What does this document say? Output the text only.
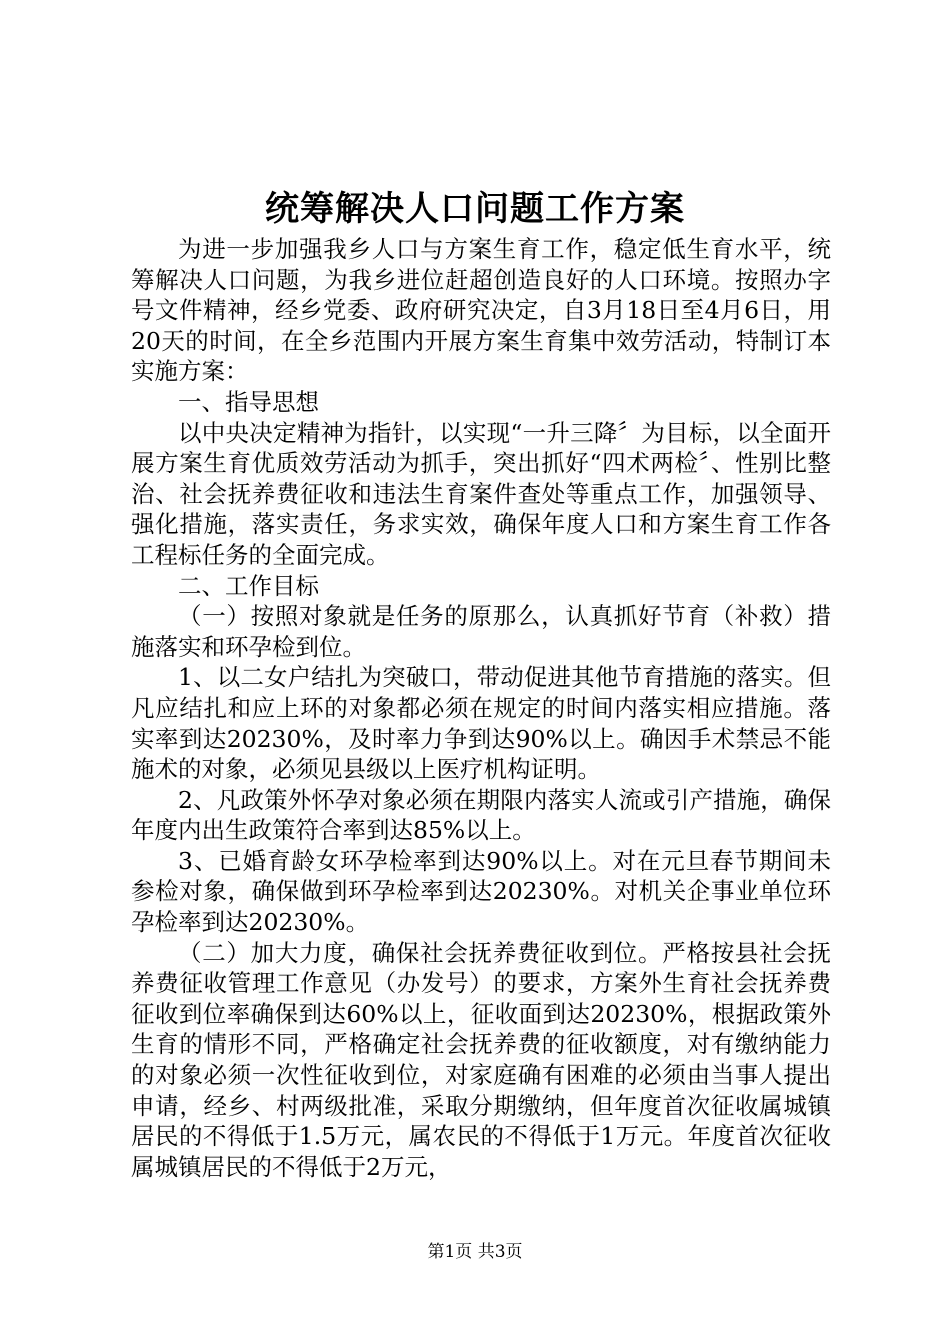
统筹解决人口问题工作方案

为进一步加强我乡人口与方案生育工作，稳定低生育水平，统筹解决人口问题，为我乡进位赶超创造良好的人口环境。按照办字号文件精神，经乡党委、政府研究决定，自3月18日至4月6日，用20天的时间，在全乡范围内开展方案生育集中效劳活动，特制订本实施方案：

一、指导思想

以中央决定精神为指针，以实现“一升三降〞为目标，以全面开展方案生育优质效劳活动为抓手，突出抓好“四术两检〞、性别比整治、社会抚养费征收和违法生育案件查处等重点工作，加强领导、强化措施，落实责任，务求实效，确保年度人口和方案生育工作各工程标任务的全面完成。

二、工作目标

（一）按照对象就是任务的原那么，认真抓好节育（补救）措施落实和环孕检到位。

1、以二女户结扎为突破口，带动促进其他节育措施的落实。但凡应结扎和应上环的对象都必须在规定的时间内落实相应措施。落实率到达20230%，及时率力争到达90%以上。确因手术禁忌不能施术的对象，必须见县级以上医疗机构证明。

2、凡政策外怀孕对象必须在期限内落实人流或引产措施，确保年度内出生政策符合率到达85%以上。

3、已婚育龄女环孕检率到达90%以上。对在元旦春节期间未参检对象，确保做到环孕检率到达20230%。对机关企事业单位环孕检率到达20230%。

（二）加大力度，确保社会抚养费征收到位。严格按县社会抚养费征收管理工作意见（办发号）的要求，方案外生育社会抚养费征收到位率确保到达60%以上，征收面到达20230%，根据政策外生育的情形不同，严格确定社会抚养费的征收额度，对有缴纳能力的对象必须一次性征收到位，对家庭确有困难的必须由当事人提出申请，经乡、村两级批准，采取分期缴纳，但年度首次征收属城镇居民的不得低于1.5万元，属农民的不得低于1万元。年度首次征收属城镇居民的不得低于2万元，

第1页 共3页
